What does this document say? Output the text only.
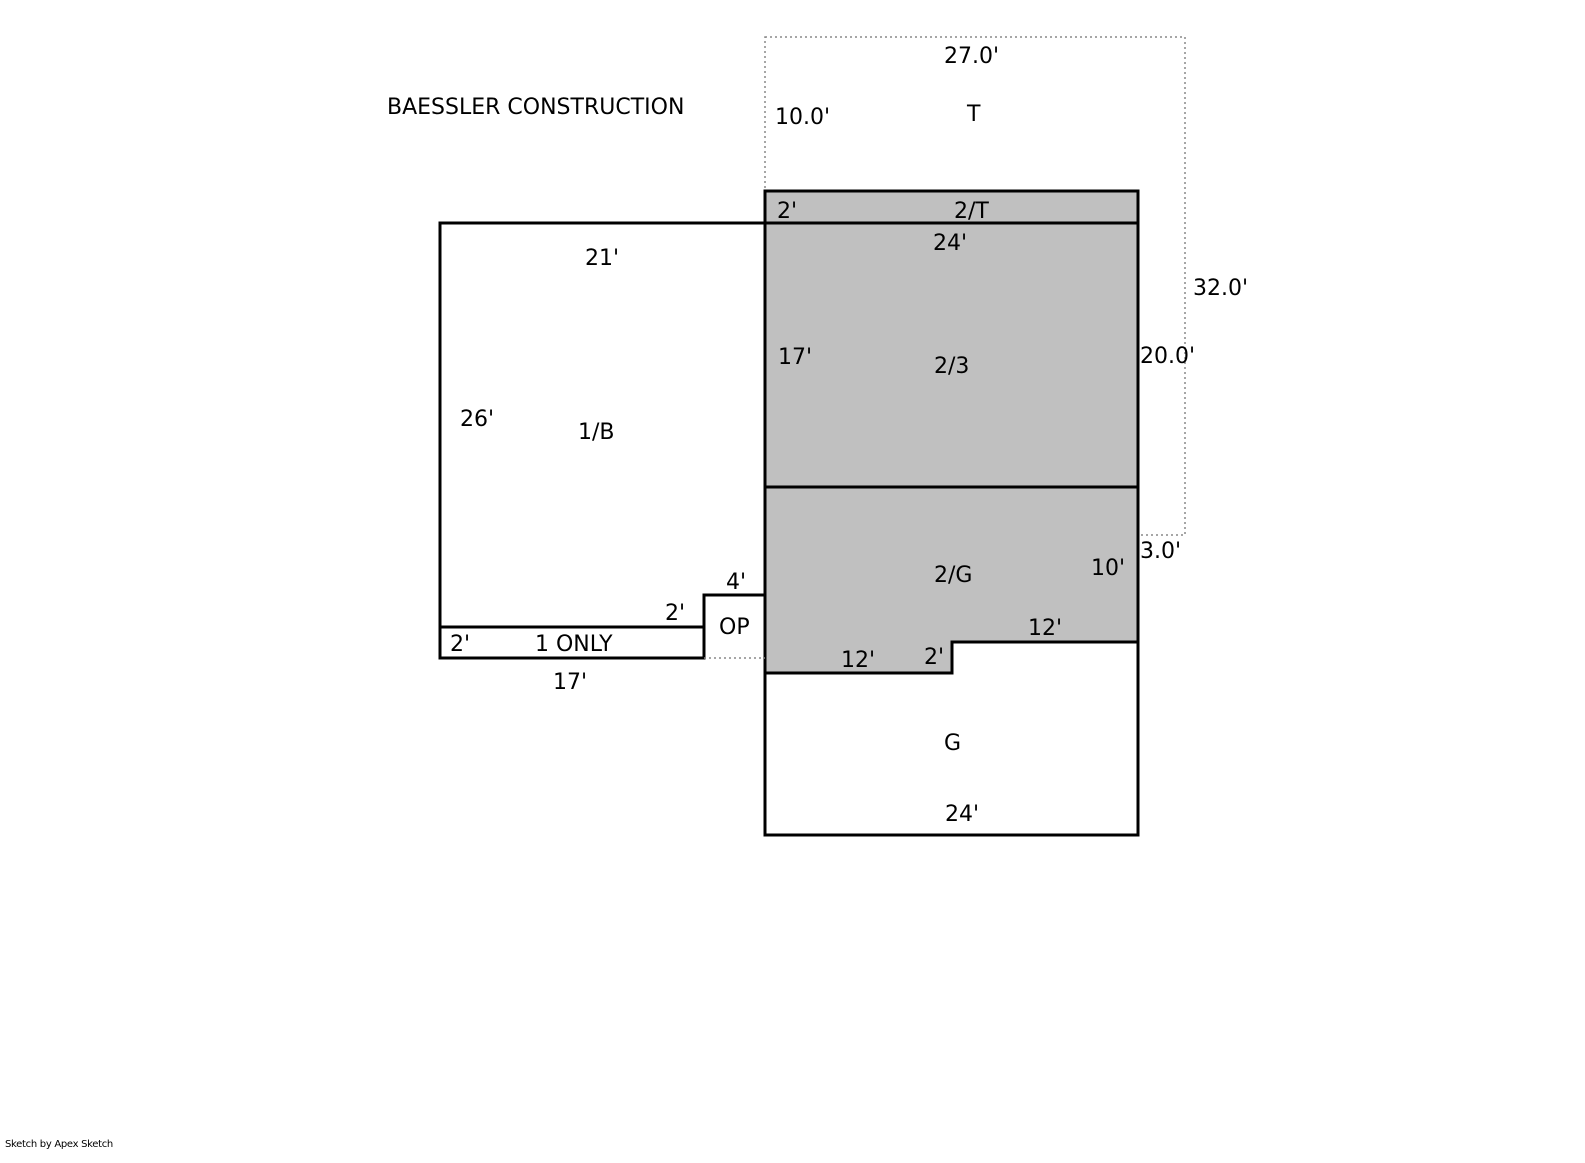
BAESSLER CONSTRUCTION	T
2/T
2/3
2/G
G
1/B
1 ONLY
OP
27.0'
10.0'
32.0'
3.0'
2'
24'
17'	20.0'
21'
26'
4'
2'
2'
17'
10'
12'
2'
12'
24'
Sketch by Apex Sketch
